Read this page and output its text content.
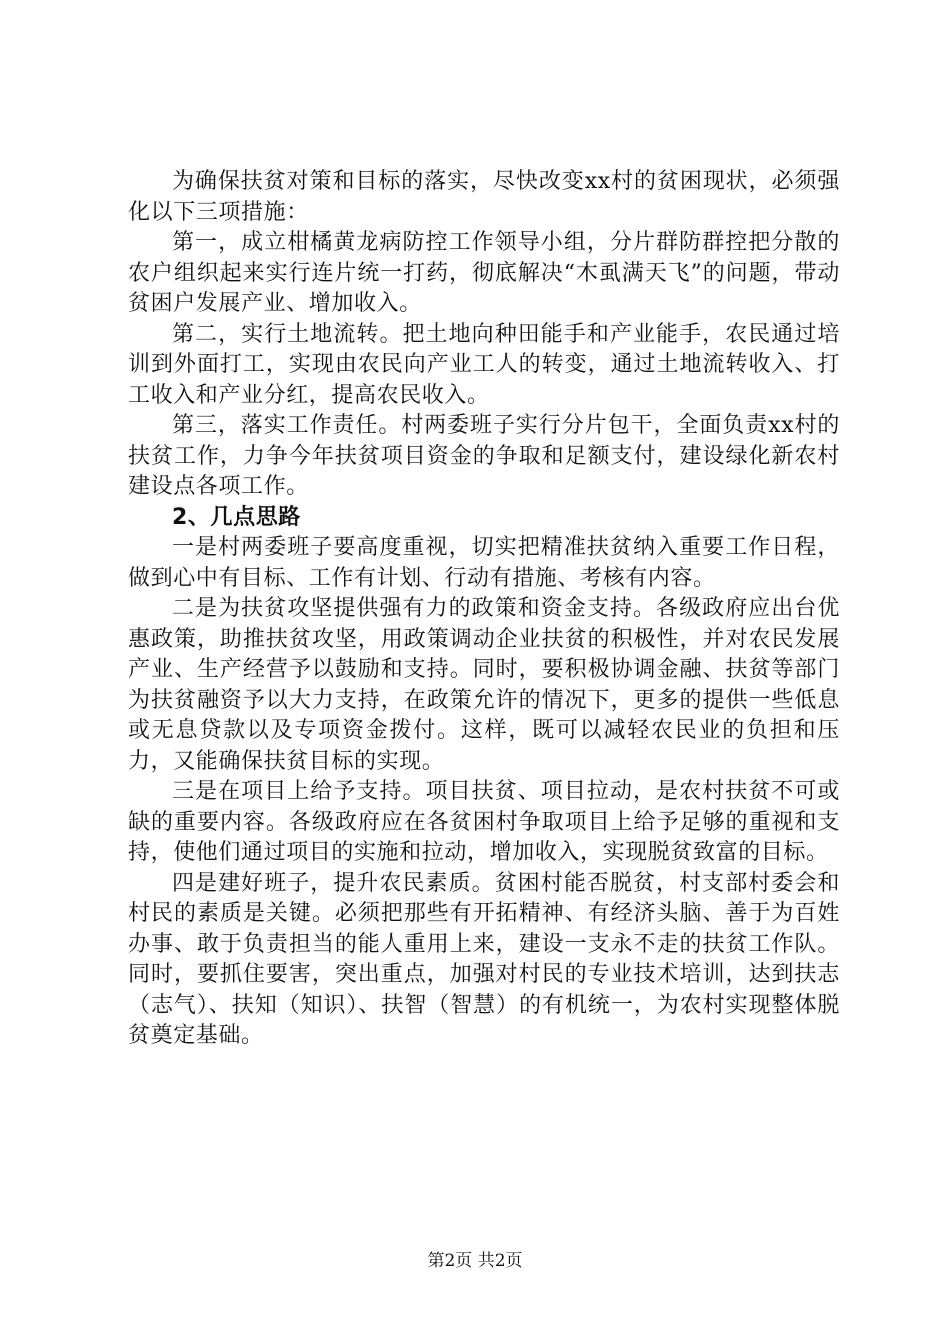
为确保扶贫对策和目标的落实，尽快改变xx村的贫困现状，必须强化以下三项措施：

第一，成立柑橘黄龙病防控工作领导小组，分片群防群控把分散的农户组织起来实行连片统一打药，彻底解决“木虱满天飞”的问题，带动贫困户发展产业、增加收入。

第二，实行土地流转。把土地向种田能手和产业能手，农民通过培训到外面打工，实现由农民向产业工人的转变，通过土地流转收入、打工收入和产业分红，提高农民收入。

第三，落实工作责任。村两委班子实行分片包干，全面负责xx村的扶贫工作，力争今年扶贫项目资金的争取和足额支付，建设绿化新农村建设点各项工作。

2、几点思路

一是村两委班子要高度重视，切实把精准扶贫纳入重要工作日程，做到心中有目标、工作有计划、行动有措施、考核有内容。

二是为扶贫攻坚提供强有力的政策和资金支持。各级政府应出台优惠政策，助推扶贫攻坚，用政策调动企业扶贫的积极性，并对农民发展产业、生产经营予以鼓励和支持。同时，要积极协调金融、扶贫等部门为扶贫融资予以大力支持，在政策允许的情况下，更多的提供一些低息或无息贷款以及专项资金拨付。这样，既可以减轻农民业的负担和压力，又能确保扶贫目标的实现。

三是在项目上给予支持。项目扶贫、项目拉动，是农村扶贫不可或缺的重要内容。各级政府应在各贫困村争取项目上给予足够的重视和支持，使他们通过项目的实施和拉动，增加收入，实现脱贫致富的目标。

四是建好班子，提升农民素质。贫困村能否脱贫，村支部村委会和村民的素质是关键。必须把那些有开拓精神、有经济头脑、善于为百姓办事、敢于负责担当的能人重用上来，建设一支永不走的扶贫工作队。同时，要抓住要害，突出重点，加强对村民的专业技术培训，达到扶志（志气）、扶知（知识）、扶智（智慧）的有机统一，为农村实现整体脱贫奠定基础。

第2页 共2页
